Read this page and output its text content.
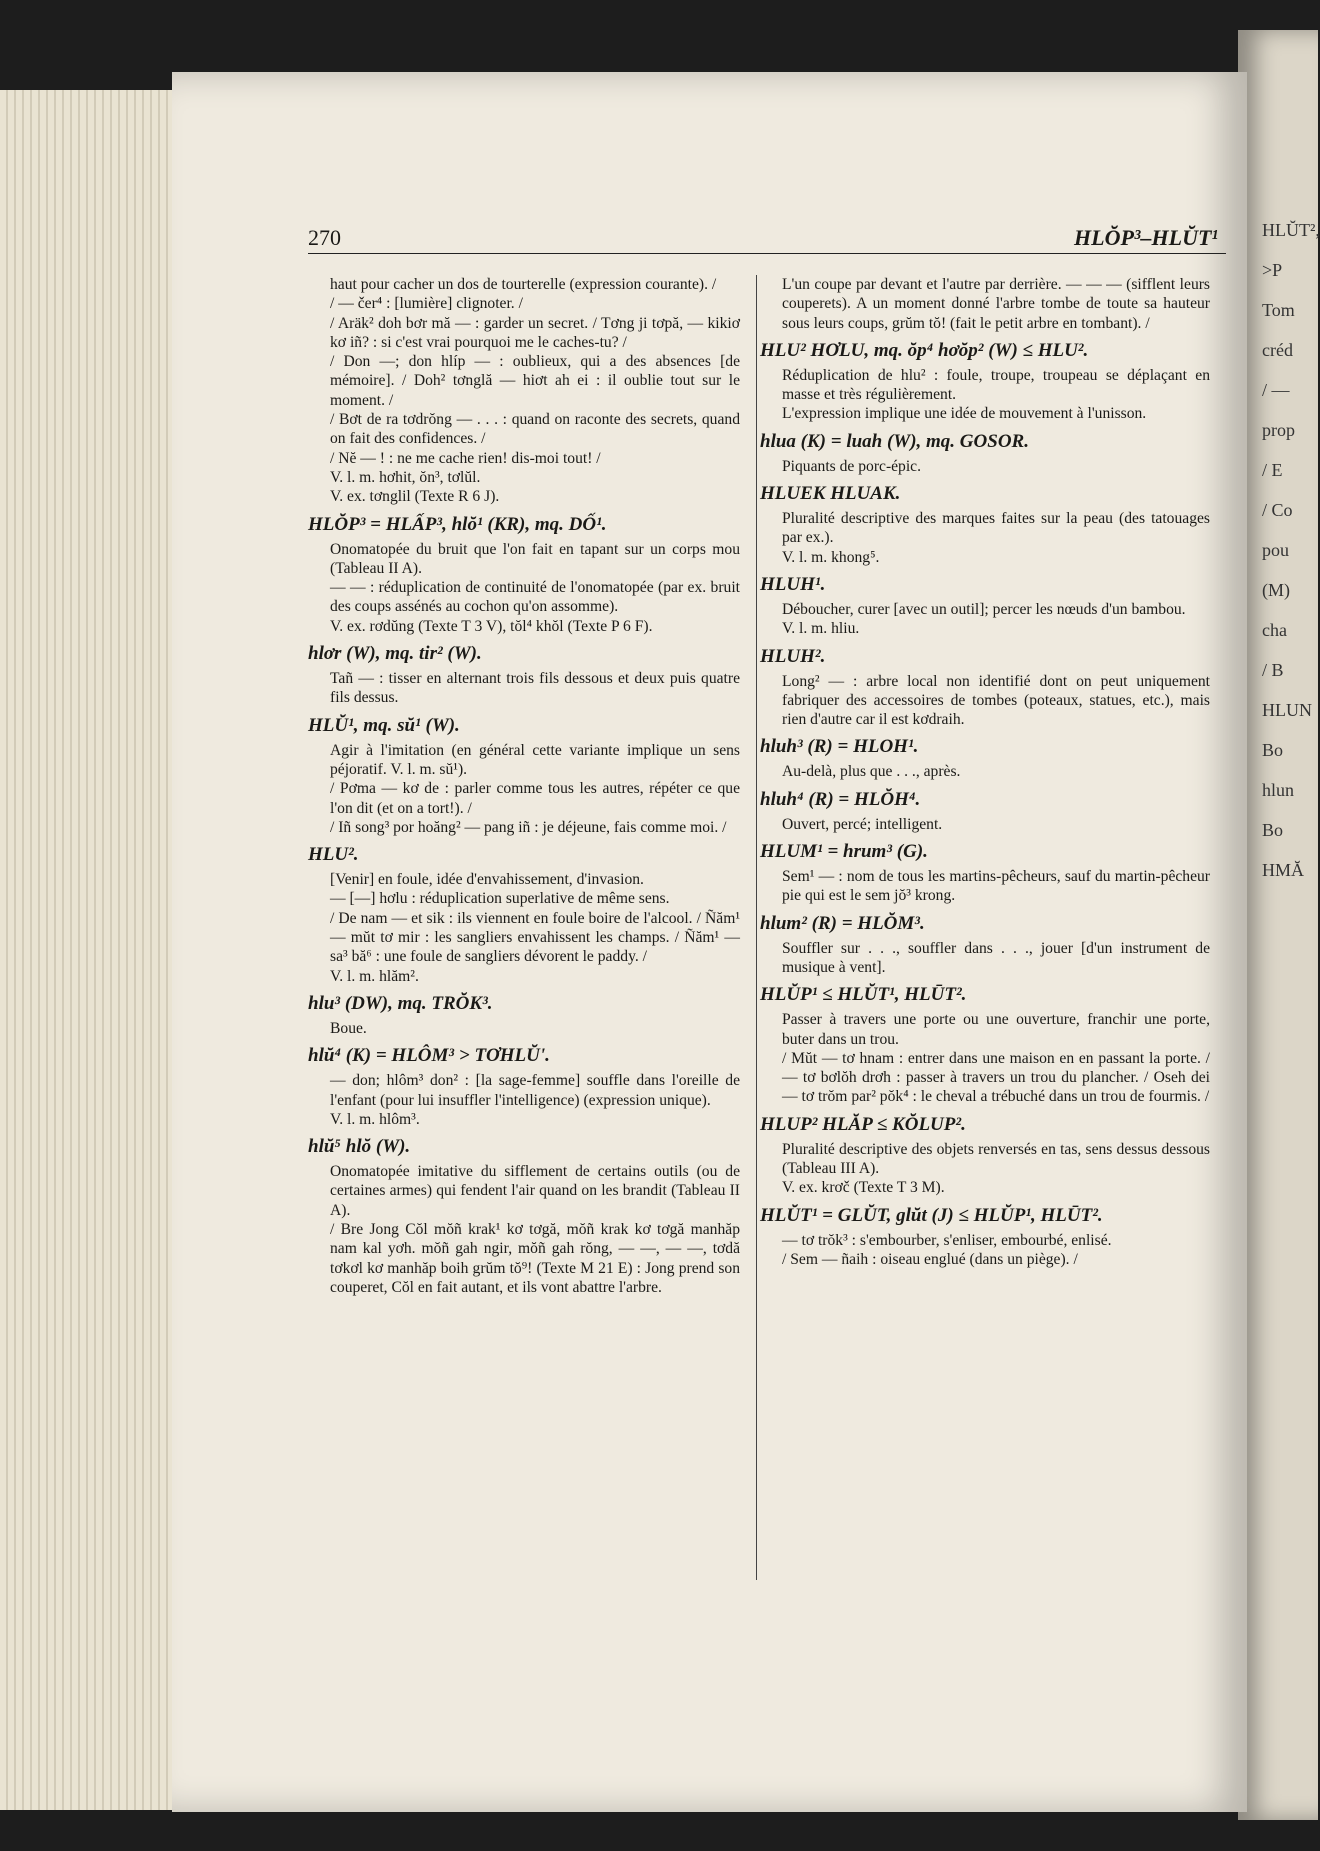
HLŬT²,
>P
Tom
créd
/ —
prop
/ E
/ Co
pou
(M)
cha
/ B
HLUN
Bo
hlun
Bo
HMĂ
270	HLŎP³–HLŬT¹

haut pour cacher un dos de tourterelle (expression courante). /

/ — čer⁴ : [lumière] clignoter. /

/ Aräk² doh bơr mă — : garder un secret. / Tơng ji tơpă, — kikiơ kơ iñ? : si c'est vrai pourquoi me le caches-tu? /

/ Don —; don hlíp — : oublieux, qui a des absences [de mémoire]. / Doh² tơnglă — hiơt ah ei : il oublie tout sur le moment. /

/ Bơt de ra tơdrŏng — . . . : quand on raconte des secrets, quand on fait des confidences. /

/ Nĕ — ! : ne me cache rien! dis-moi tout! /

V. l. m. hơhit, ŏn³, tơlŭl.

V. ex. tơnglil (Texte R 6 J).

HLŎP³ = HLẤP³, hlŏ¹ (KR), mq. DỐ¹.

Onomatopée du bruit que l'on fait en tapant sur un corps mou (Tableau II A).

— — : réduplication de continuité de l'onomatopée (par ex. bruit des coups assénés au cochon qu'on assomme).

V. ex. rơdŭng (Texte T 3 V), tŏl⁴ khŏl (Texte P 6 F).

hlơr (W), mq. tir² (W).

Tañ — : tisser en alternant trois fils dessous et deux puis quatre fils dessus.

HLŬ¹, mq. sŭ¹ (W).

Agir à l'imitation (en général cette variante implique un sens péjoratif. V. l. m. sŭ¹).

/ Pơma — kơ de : parler comme tous les autres, répéter ce que l'on dit (et on a tort!). /

/ Iñ song³ por hoăng² — pang iñ : je déjeune, fais comme moi. /

HLU².

[Venir] en foule, idée d'envahissement, d'invasion.

— [—] hơlu : réduplication superlative de même sens.

/ De nam — et sik : ils viennent en foule boire de l'alcool. / Ñăm¹ — mŭt tơ mir : les sangliers envahissent les champs. / Ñăm¹ — sa³ bă⁶ : une foule de sangliers dévorent le paddy. /

V. l. m. hlăm².

hlu³ (DW), mq. TRŎK³.

Boue.

hlŭ⁴ (K) = HLÔM³ > TƠHLŬ'.

— don; hlôm³ don² : [la sage-femme] souffle dans l'oreille de l'enfant (pour lui insuffler l'intelligence) (expression unique).

V. l. m. hlôm³.

hlŭ⁵ hlŏ (W).

Onomatopée imitative du sifflement de certains outils (ou de certaines armes) qui fendent l'air quand on les brandit (Tableau II A).

/ Bre Jong Cŏl mŏñ krak¹ kơ tơgă, mŏñ krak kơ tơgă manhăp nam kal yơh. mŏñ gah ngir, mŏñ gah rŏng, — —, — —, tơdă tơkơl kơ manhăp boih grŭm tŏ⁹! (Texte M 21 E) : Jong prend son couperet, Cŏl en fait autant, et ils vont abattre l'arbre.

L'un coupe par devant et l'autre par derrière. — — — (sifflent leurs couperets). A un moment donné l'arbre tombe de toute sa hauteur sous leurs coups, grŭm tŏ! (fait le petit arbre en tombant). /

HLU² HƠLU, mq. ŏp⁴ hơŏp² (W) ≤ HLU².

Réduplication de hlu² : foule, troupe, troupeau se déplaçant en masse et très régulièrement.

L'expression implique une idée de mouvement à l'unisson.

hlua (K) = luah (W), mq. GOSOR.

Piquants de porc-épic.

HLUEK HLUAK.

Pluralité descriptive des marques faites sur la peau (des tatouages par ex.).

V. l. m. khong⁵.

HLUH¹.

Déboucher, curer [avec un outil]; percer les nœuds d'un bambou.

V. l. m. hliu.

HLUH².

Long² — : arbre local non identifié dont on peut uniquement fabriquer des accessoires de tombes (poteaux, statues, etc.), mais rien d'autre car il est kơdraih.

hluh³ (R) = HLOH¹.

Au-delà, plus que . . ., après.

hluh⁴ (R) = HLŎH⁴.

Ouvert, percé; intelligent.

HLUM¹ = hrum³ (G).

Sem¹ — : nom de tous les martins-pêcheurs, sauf du martin-pêcheur pie qui est le sem jŏ³ krong.

hlum² (R) = HLŎM³.

Souffler sur . . ., souffler dans . . ., jouer [d'un instrument de musique à vent].

HLŬP¹ ≤ HLŬT¹, HLŪT².

Passer à travers une porte ou une ouverture, franchir une porte, buter dans un trou.

/ Mŭt — tơ hnam : entrer dans une maison en en passant la porte. / — tơ bơlŏh drơh : passer à travers un trou du plancher. / Oseh dei — tơ trŏm par² pŏk⁴ : le cheval a trébuché dans un trou de fourmis. /

HLUP² HLĂP ≤ KŎLUP².

Pluralité descriptive des objets renversés en tas, sens dessus dessous (Tableau III A).

V. ex. krơč (Texte T 3 M).

HLŬT¹ = GLŬT, glŭt (J) ≤ HLŬP¹, HLŪT².

— tơ trŏk³ : s'embourber, s'enliser, embourbé, enlisé.

/ Sem — ñaih : oiseau englué (dans un piège). /
